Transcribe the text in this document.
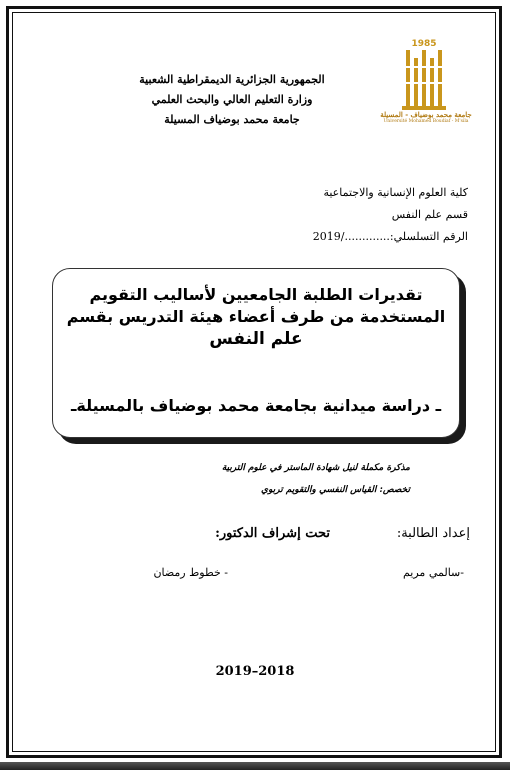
الجمهورية الجزائرية الديمقراطية الشعبية
وزارة التعليم العالي والبحث العلمي
جامعة محمد بوضياف المسيلة
1985
جامعة محمد بوضياف - المسيلة
Université Mohamed Boudiaf - M'sila
كلية العلوم الإنسانية والاجتماعية
قسم علم النفس
الرقم التسلسلي:............./2019
تقديرات الطلبة الجامعيين لأساليب التقويم
المستخدمة من طرف أعضاء هيئة التدريس بقسم
علم النفس
ـ دراسة ميدانية بجامعة محمد بوضياف بالمسيلةـ
مذكرة مكملة لنيل شهادة الماستر في علوم التربية
تخصص: القياس النفسي والتقويم تربوي
إعداد الطالبة:
تحت إشراف الدكتور:
-سالمي مريم
- خطوط رمضان
2019–2018
